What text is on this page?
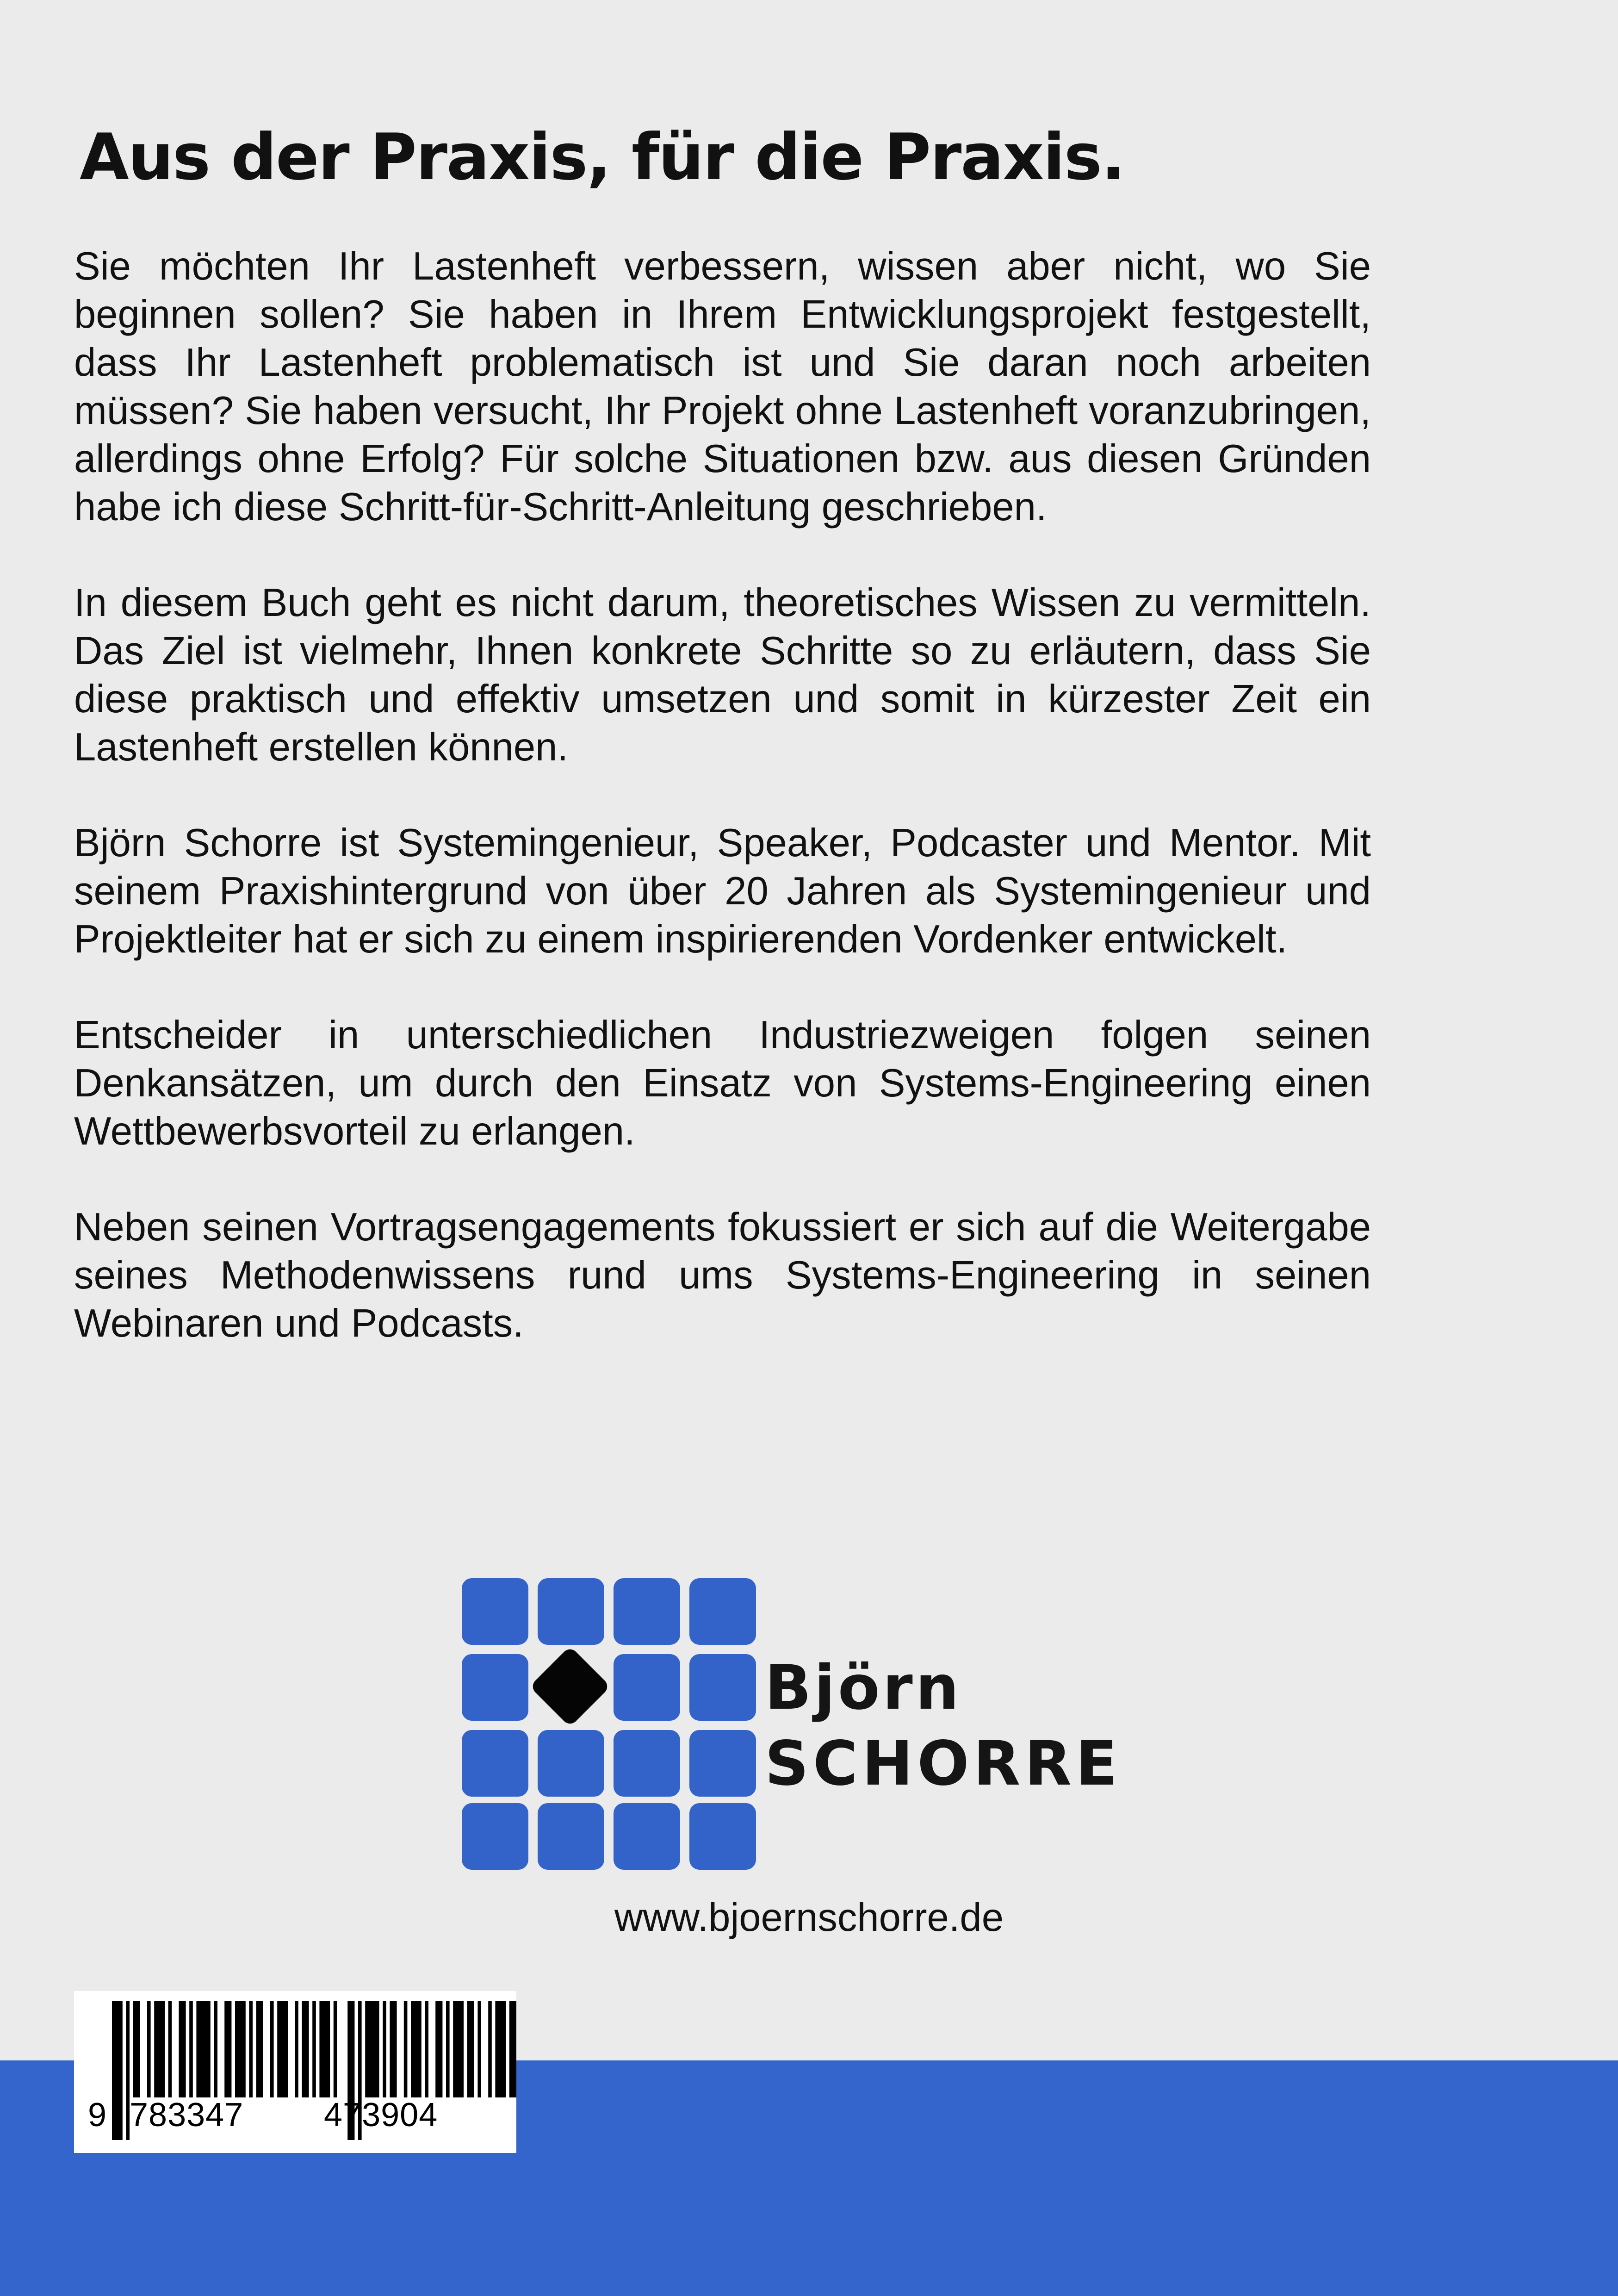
Aus der Praxis, für die Praxis.

Sie möchten Ihr Lastenheft verbessern, wissen aber nicht, wo Sie beginnen sollen? Sie haben in Ihrem Entwicklungsprojekt festgestellt, dass Ihr Lastenheft problematisch ist und Sie daran noch arbeiten müssen? Sie haben versucht, Ihr Projekt ohne Lastenheft voranzubringen, allerdings ohne Erfolg? Für solche Situationen bzw. aus diesen Gründen habe ich diese Schritt-für-Schritt-Anleitung geschrieben.

In diesem Buch geht es nicht darum, theoretisches Wissen zu vermitteln. Das Ziel ist vielmehr, Ihnen konkrete Schritte so zu erläutern, dass Sie diese praktisch und effektiv umsetzen und somit in kürzester Zeit ein Lastenheft erstellen können.

Björn Schorre ist Systemingenieur, Speaker, Podcaster und Mentor. Mit seinem Praxishintergrund von über 20 Jahren als Systemingenieur und Projektleiter hat er sich zu einem inspirierenden Vordenker entwickelt.

Entscheider in unterschiedlichen Industriezweigen folgen seinen Denkansätzen, um durch den Einsatz von Systems-Engineering einen Wettbewerbsvorteil zu erlangen.

Neben seinen Vortragsengagements fokussiert er sich auf die Weitergabe seines Methodenwissens rund ums Systems-Engineering in seinen Webinaren und Podcasts.

Björn
SCHORRE
www.bjoernschorre.de
9 783347 473904
